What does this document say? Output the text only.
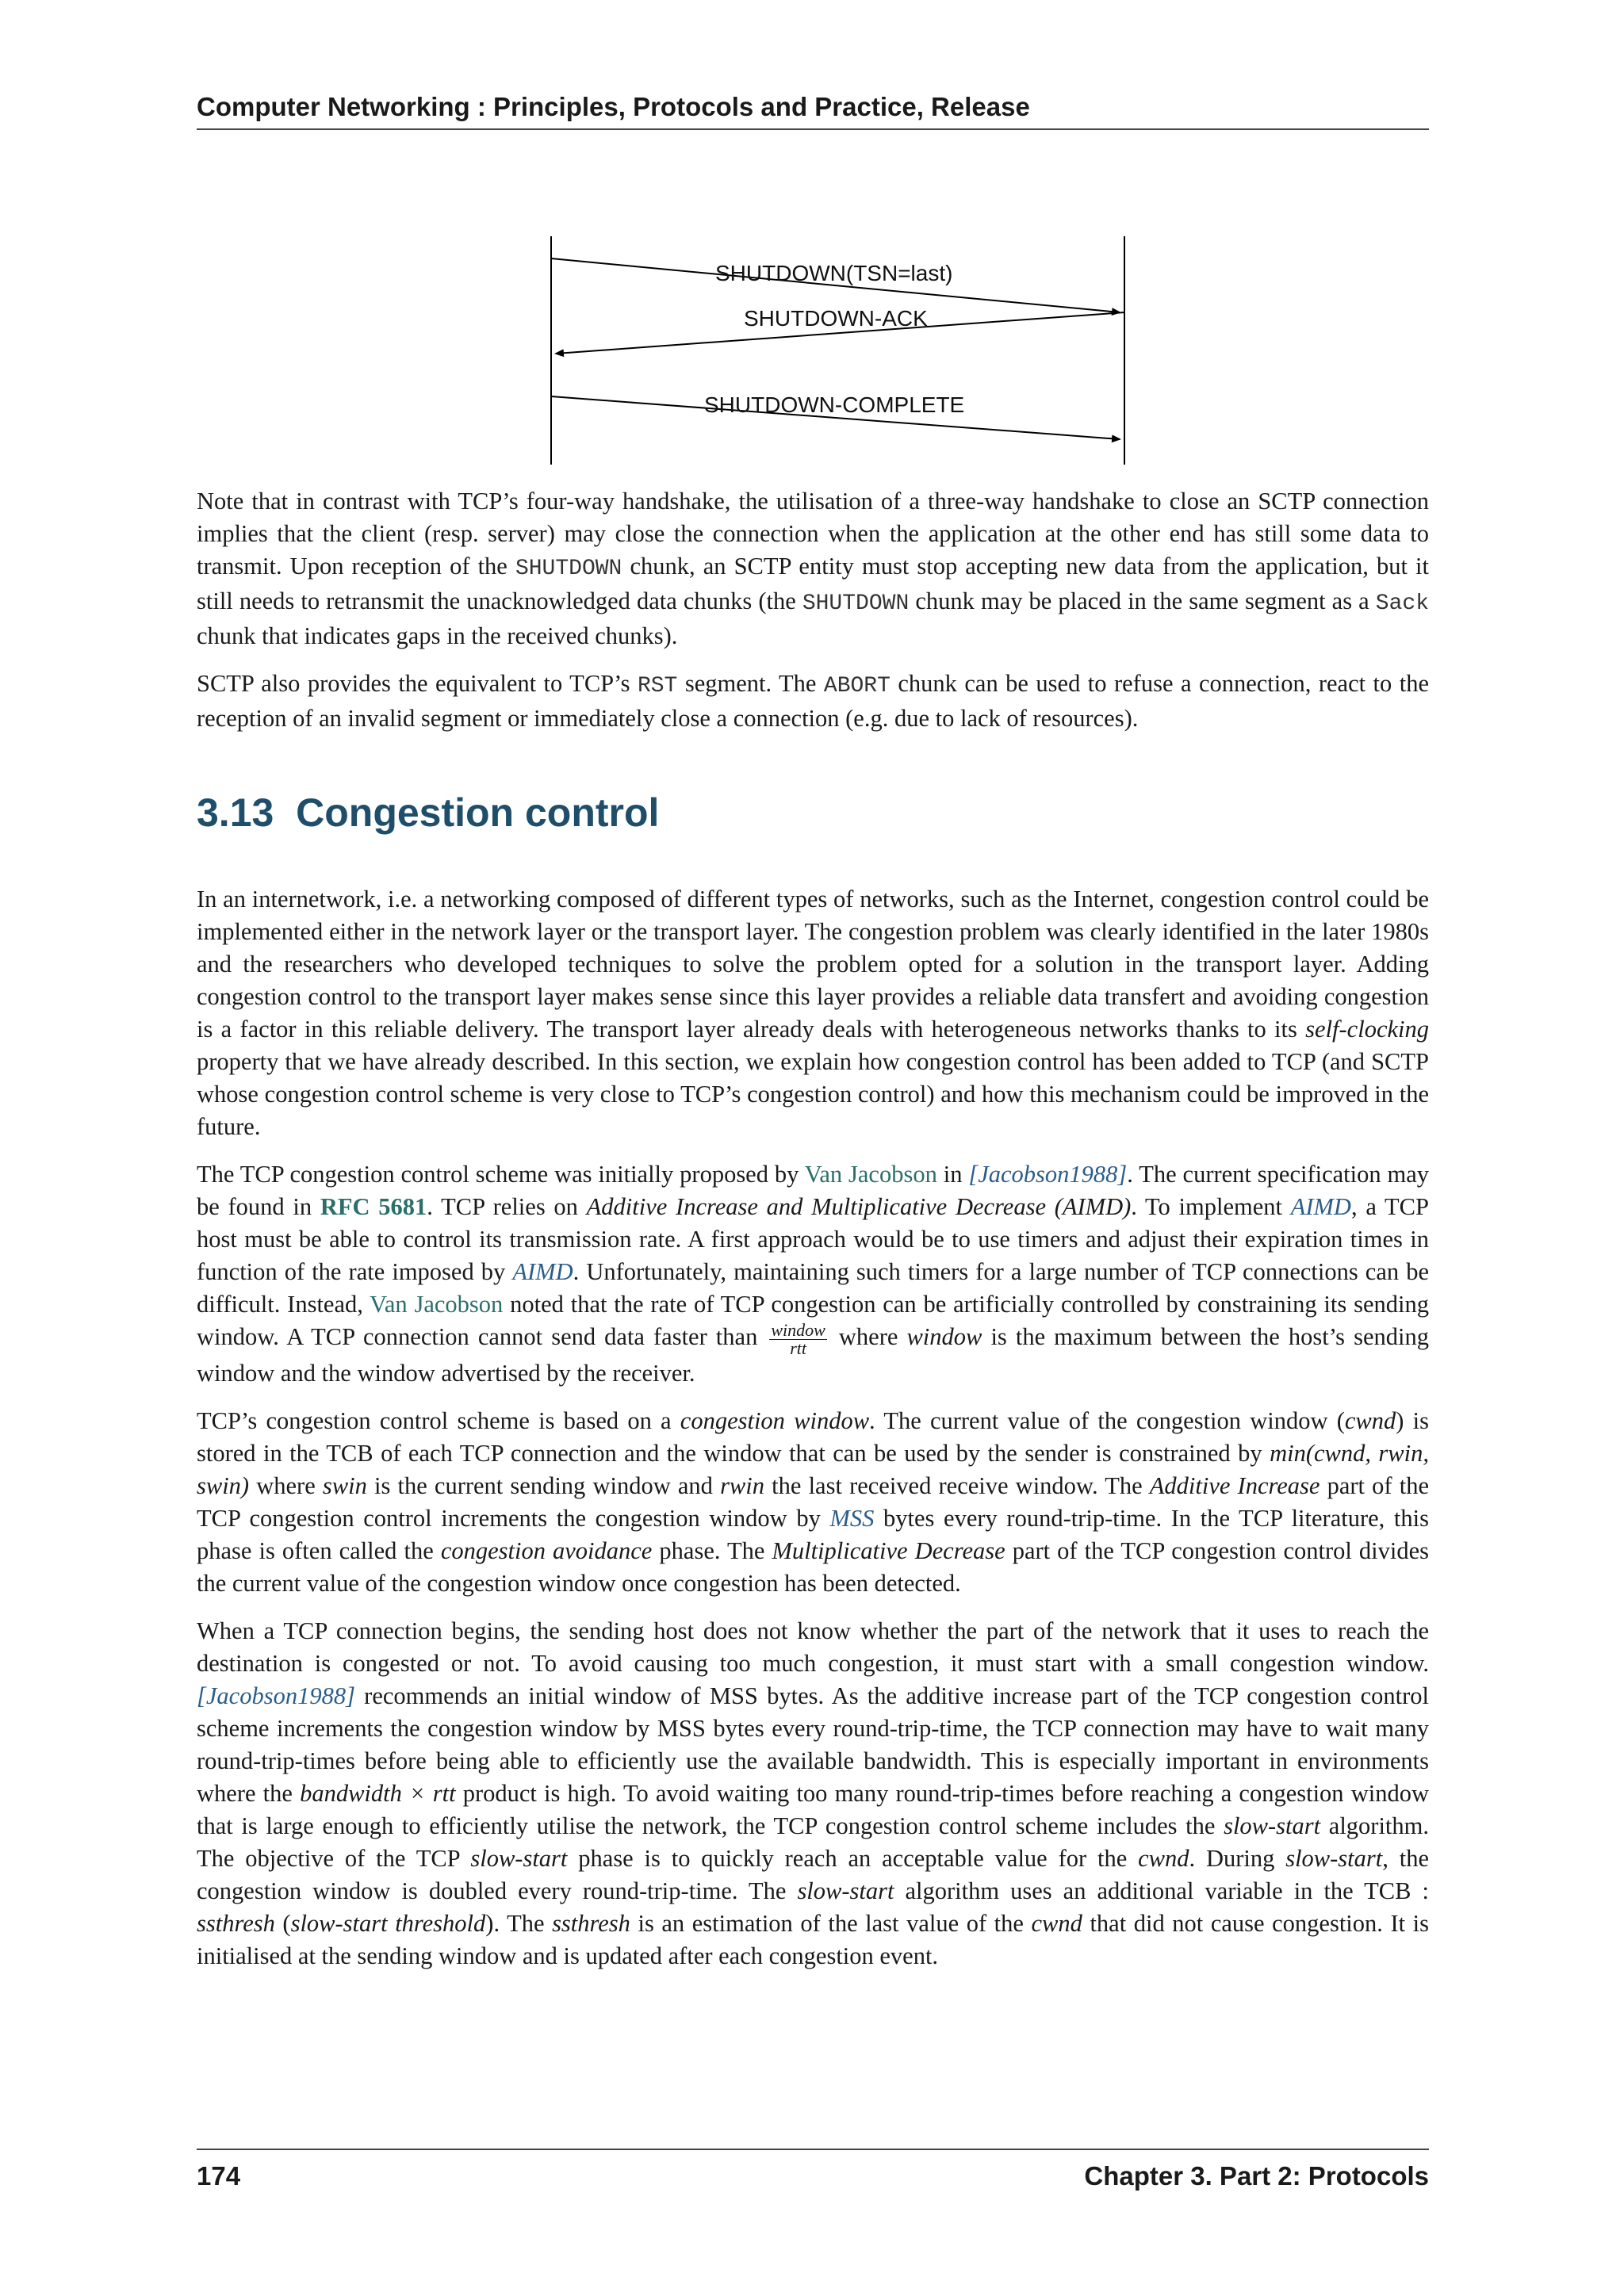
Computer Networking : Principles, Protocols and Practice, Release
SHUTDOWN(TSN=last)
SHUTDOWN-ACK
SHUTDOWN-COMPLETE

Note that in contrast with TCP’s four-way handshake, the utilisation of a three-way handshake to close an SCTP connection implies that the client (resp. server) may close the connection when the application at the other end has still some data to transmit. Upon reception of the SHUTDOWN chunk, an SCTP entity must stop accepting new data from the application, but it still needs to retransmit the unacknowledged data chunks (the SHUTDOWN chunk may be placed in the same segment as a Sack chunk that indicates gaps in the received chunks).

SCTP also provides the equivalent to TCP’s RST segment. The ABORT chunk can be used to refuse a connection, react to the reception of an invalid segment or immediately close a connection (e.g. due to lack of resources).

3.13 Congestion control

In an internetwork, i.e. a networking composed of different types of networks, such as the Internet, congestion control could be implemented either in the network layer or the transport layer. The congestion problem was clearly identified in the later 1980s and the researchers who developed techniques to solve the problem opted for a solution in the transport layer. Adding congestion control to the transport layer makes sense since this layer provides a reliable data transfert and avoiding congestion is a factor in this reliable delivery. The transport layer already deals with heterogeneous networks thanks to its self-clocking property that we have already described. In this section, we explain how congestion control has been added to TCP (and SCTP whose congestion control scheme is very close to TCP’s congestion control) and how this mechanism could be improved in the future.

The TCP congestion control scheme was initially proposed by Van Jacobson in [Jacobson1988]. The current specification may be found in RFC 5681. TCP relies on Additive Increase and Multiplicative Decrease (AIMD). To implement AIMD, a TCP host must be able to control its transmission rate. A first approach would be to use timers and adjust their expiration times in function of the rate imposed by AIMD. Unfortunately, maintaining such timers for a large number of TCP connections can be difficult. Instead, Van Jacobson noted that the rate of TCP congestion can be artificially controlled by constraining its sending window. A TCP connection cannot send data faster than $\frac{\text{window}}{\text{rtt}}$ where window is the maximum between the host’s sending window and the window advertised by the receiver.

TCP’s congestion control scheme is based on a congestion window. The current value of the congestion window (cwnd) is stored in the TCB of each TCP connection and the window that can be used by the sender is constrained by min(cwnd, rwin, swin) where swin is the current sending window and rwin the last received receive window. The Additive Increase part of the TCP congestion control increments the congestion window by MSS bytes every round-trip-time. In the TCP literature, this phase is often called the congestion avoidance phase. The Multiplicative Decrease part of the TCP congestion control divides the current value of the congestion window once congestion has been detected.

When a TCP connection begins, the sending host does not know whether the part of the network that it uses to reach the destination is congested or not. To avoid causing too much congestion, it must start with a small congestion window. [Jacobson1988] recommends an initial window of MSS bytes. As the additive increase part of the TCP congestion control scheme increments the congestion window by MSS bytes every round-trip-time, the TCP connection may have to wait many round-trip-times before being able to efficiently use the available bandwidth. This is especially important in environments where the bandwidth × rtt product is high. To avoid waiting too many round-trip-times before reaching a congestion window that is large enough to efficiently utilise the network, the TCP congestion control scheme includes the slow-start algorithm. The objective of the TCP slow-start phase is to quickly reach an acceptable value for the cwnd. During slow-start, the congestion window is doubled every round-trip-time. The slow-start algorithm uses an additional variable in the TCB : ssthresh (slow-start threshold). The ssthresh is an estimation of the last value of the cwnd that did not cause congestion. It is initialised at the sending window and is updated after each congestion event.

174	Chapter 3. Part 2: Protocols
